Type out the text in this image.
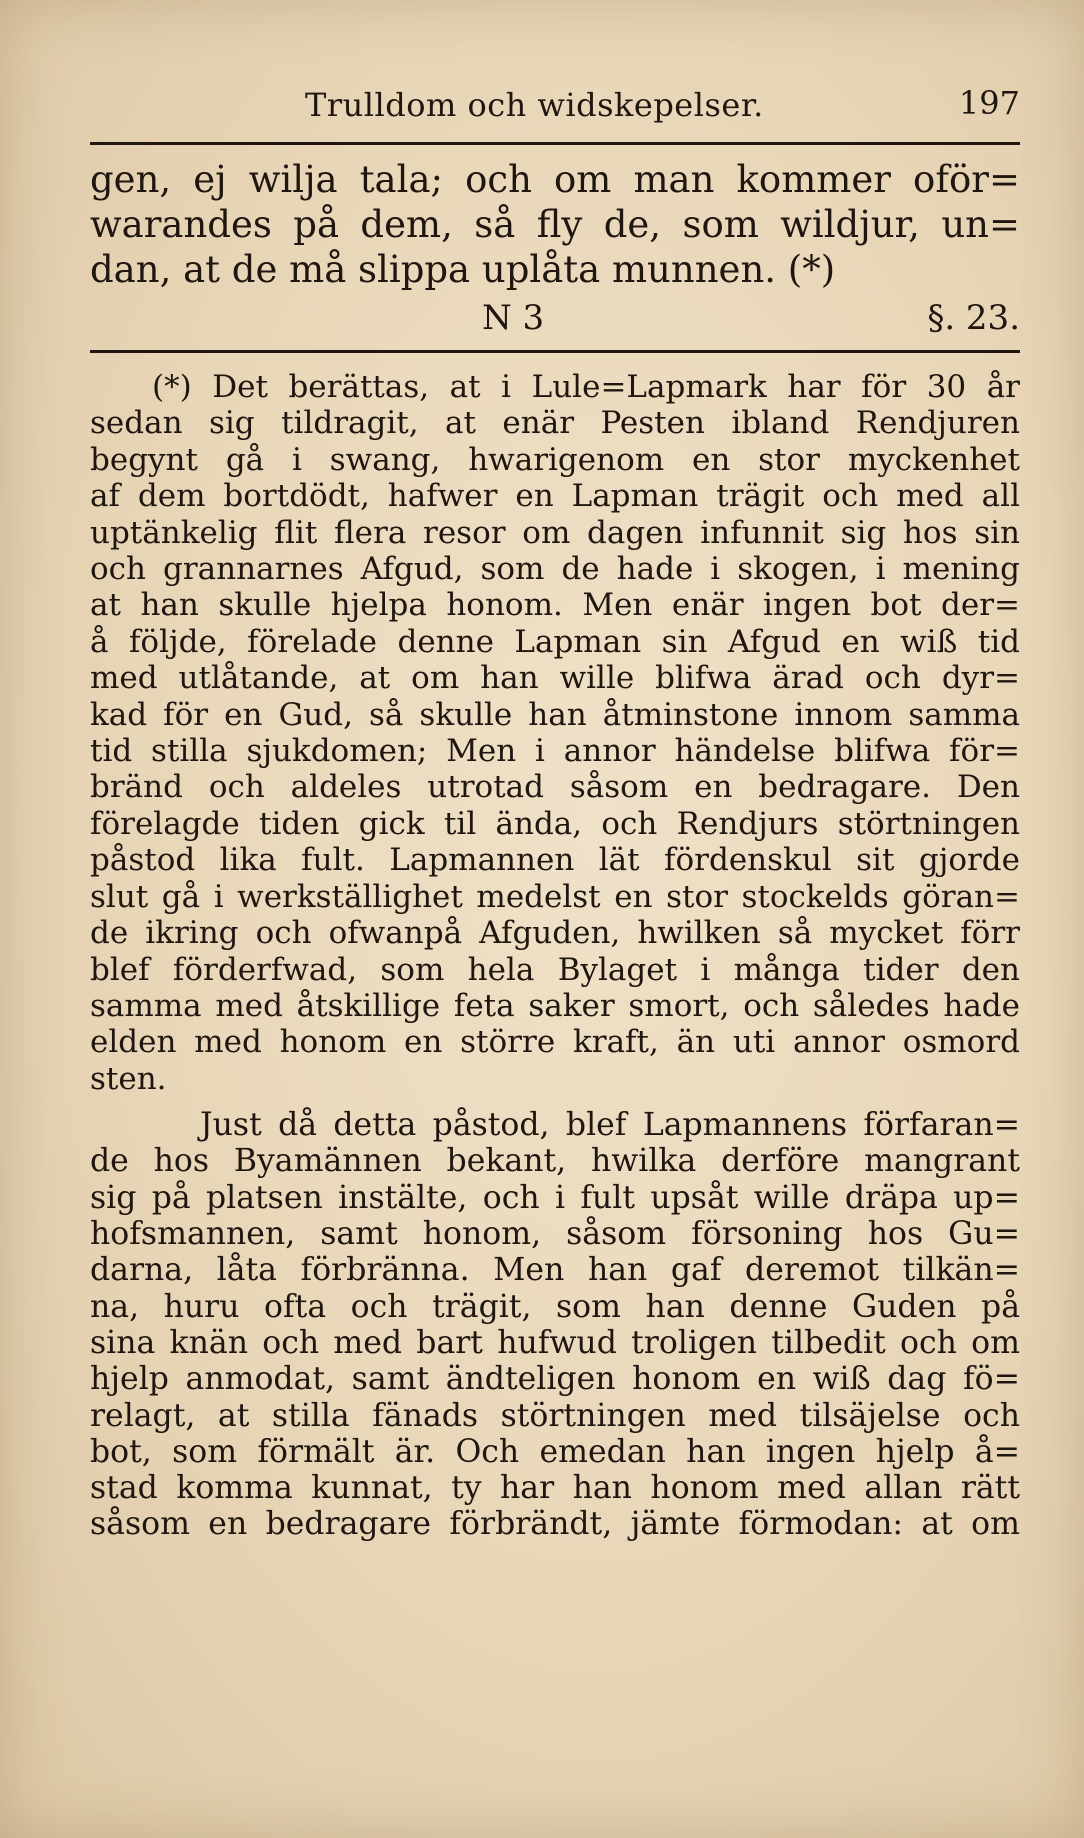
Trulldom och widskepelser.	197
gen, ej wilja tala; och om man kommer oför=
warandes på dem, så fly de, som wildjur, un=
dan, at de må slippa uplåta munnen. (*)
N 3	§. 23.
(*) Det berättas, at i Lule=Lapmark har för 30 år
sedan sig tildragit, at enär Pesten ibland Rendjuren
begynt gå i swang, hwarigenom en stor myckenhet
af dem bortdödt, hafwer en Lapman trägit och med all
uptänkelig flit flera resor om dagen infunnit sig hos sin
och grannarnes Afgud, som de hade i skogen, i mening
at han skulle hjelpa honom. Men enär ingen bot der=
å följde, förelade denne Lapman sin Afgud en wiß tid
med utlåtande, at om han wille blifwa ärad och dyr=
kad för en Gud, så skulle han åtminstone innom samma
tid stilla sjukdomen; Men i annor händelse blifwa för=
bränd och aldeles utrotad såsom en bedragare. Den
förelagde tiden gick til ända, och Rendjurs störtningen
påstod lika fult. Lapmannen lät fördenskul sit gjorde
slut gå i werkställighet medelst en stor stockelds göran=
de ikring och ofwanpå Afguden, hwilken så mycket förr
blef förderfwad, som hela Bylaget i många tider den
samma med åtskillige feta saker smort, och således hade
elden med honom en större kraft, än uti annor osmord
sten.
Just då detta påstod, blef Lapmannens förfaran=
de hos Byamännen bekant, hwilka derföre mangrant
sig på platsen instälte, och i fult upsåt wille dräpa up=
hofsmannen, samt honom, såsom försoning hos Gu=
darna, låta förbränna. Men han gaf deremot tilkän=
na, huru ofta och trägit, som han denne Guden på
sina knän och med bart hufwud troligen tilbedit och om
hjelp anmodat, samt ändteligen honom en wiß dag fö=
relagt, at stilla fänads störtningen med tilsäjelse och
bot, som förmält är. Och emedan han ingen hjelp å=
stad komma kunnat, ty har han honom med allan rätt
såsom en bedragare förbrändt, jämte förmodan: at om
